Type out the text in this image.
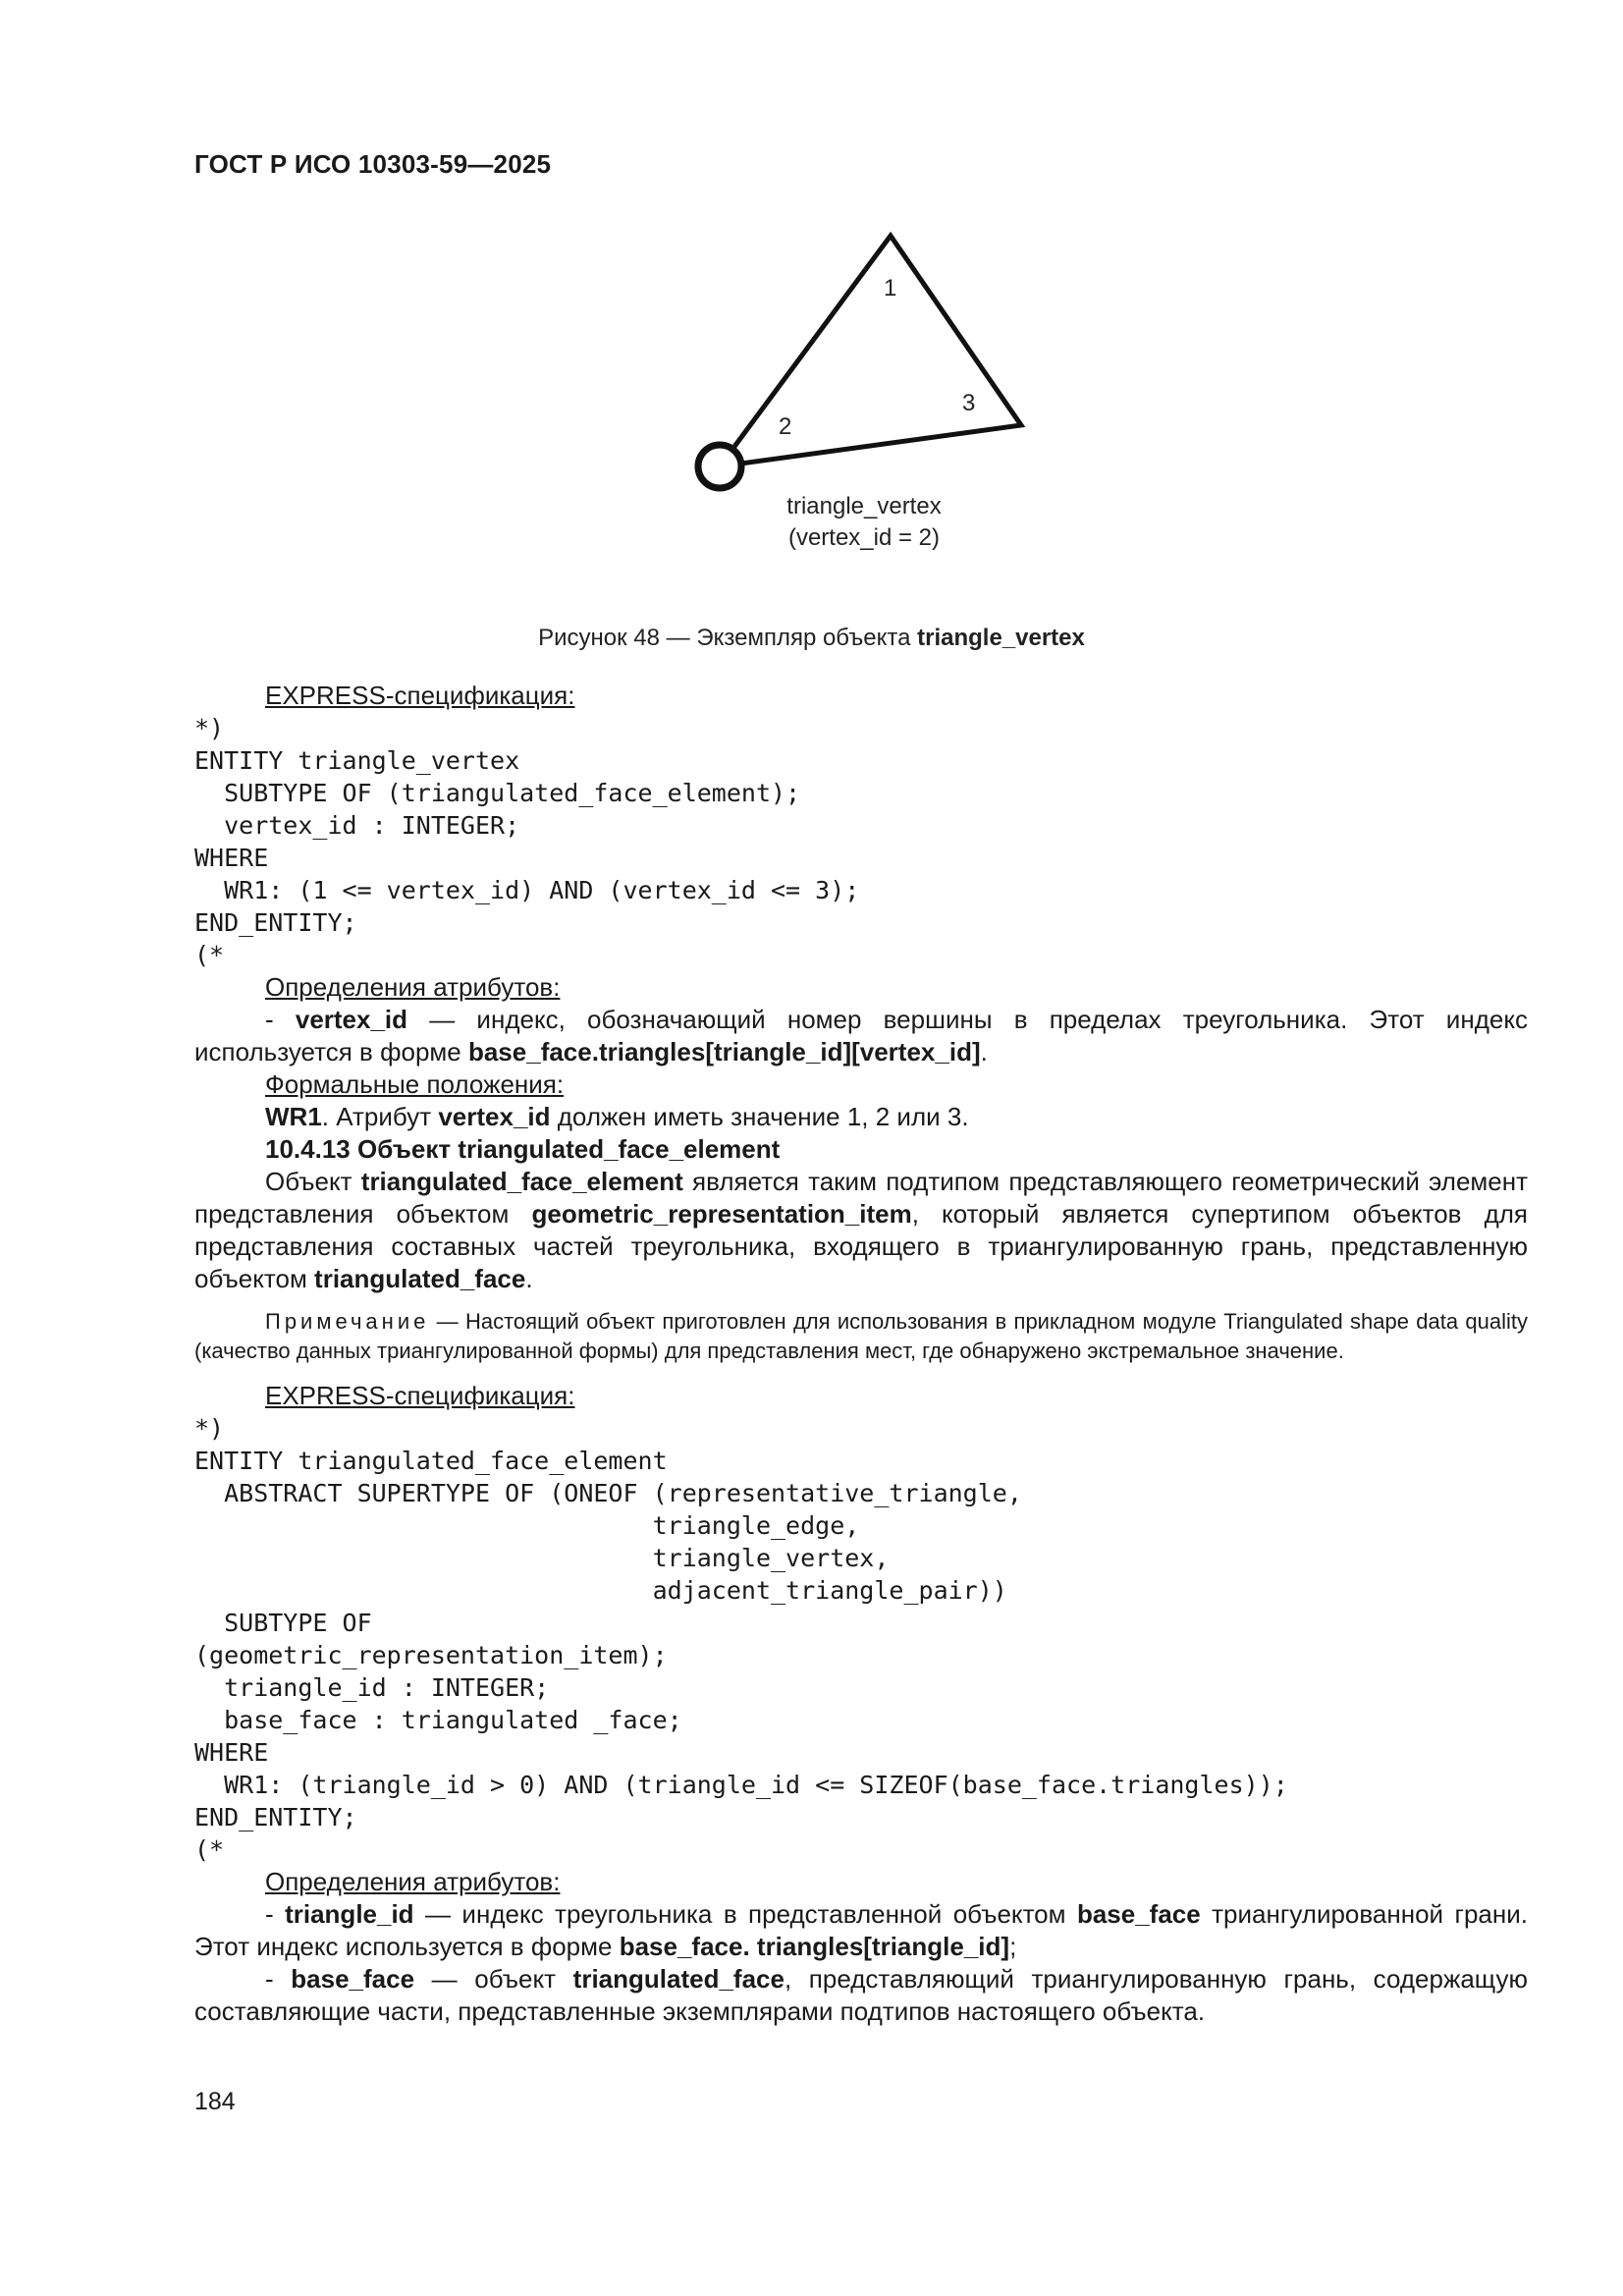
ГОСТ Р ИСО 10303-59—2025
1
2
3
triangle_vertex
(vertex_id = 2)
Рисунок 48 — Экземпляр объекта triangle_vertex

EXPRESS-спецификация:

*)
ENTITY triangle_vertex
SUBTYPE OF (triangulated_face_element);
vertex_id : INTEGER;
WHERE
WR1: (1 <= vertex_id) AND (vertex_id <= 3);
END_ENTITY;
(*

Определения атрибутов:

- vertex_id — индекс, обозначающий номер вершины в пределах треугольника. Этот индекс используется в форме base_face.triangles[triangle_id][vertex_id].

Формальные положения:

WR1. Атрибут vertex_id должен иметь значение 1, 2 или 3.

10.4.13 Объект triangulated_face_element

Объект triangulated_face_element является таким подтипом представляющего геометрический элемент представления объектом geometric_representation_item, который является супертипом объектов для представления составных частей треугольника, входящего в триангулированную грань, представленную объектом triangulated_face.

Примечание — Настоящий объект приготовлен для использования в прикладном модуле Triangulated shape data quality (качество данных триангулированной формы) для представления мест, где обнаружено экстремальное значение.

EXPRESS-спецификация:

*)
ENTITY triangulated_face_element
ABSTRACT SUPERTYPE OF (ONEOF (representative_triangle,
triangle_edge,
triangle_vertex,
adjacent_triangle_pair))
SUBTYPE OF
(geometric_representation_item);
triangle_id : INTEGER;
base_face : triangulated _face;
WHERE
WR1: (triangle_id > 0) AND (triangle_id <= SIZEOF(base_face.triangles));
END_ENTITY;
(*

Определения атрибутов:

- triangle_id — индекс треугольника в представленной объектом base_face триангулированной грани. Этот индекс используется в форме base_face. triangles[triangle_id];

- base_face — объект triangulated_face, представляющий триангулированную грань, содержащую составляющие части, представленные экземплярами подтипов настоящего объекта.

184
